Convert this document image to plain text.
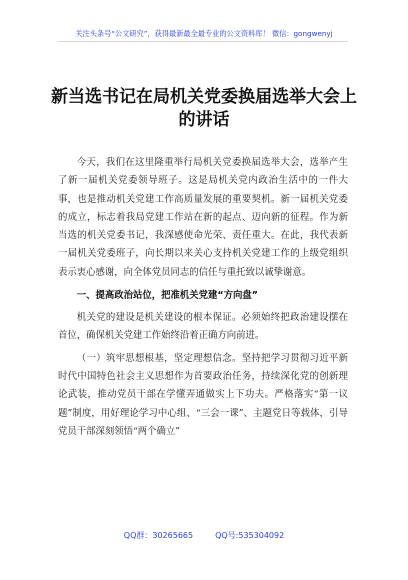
关注头条号“公文研究”，获得最新最全最专业的公文资料库！ 微信：gongwenyj
新当选书记在局机关党委换届选举大会上的讲话

今天，我们在这里隆重举行局机关党委换届选举大会，选举产生了新一届机关党委领导班子。这是局机关党内政治生活中的一件大事，也是推动机关党建工作高质量发展的重要契机。新一届机关党委的成立，标志着我局党建工作站在新的起点、迈向新的征程。作为新当选的机关党委书记，我深感使命光荣、责任重大。在此，我代表新一届机关党委班子，向长期以来关心支持机关党建工作的上级党组织表示衷心感谢，向全体党员同志的信任与重托致以诚挚谢意。

一、提高政治站位，把准机关党建“方向盘”

机关党的建设是机关建设的根本保证。必须始终把政治建设摆在首位，确保机关党建工作始终沿着正确方向前进。

（一）筑牢思想根基，坚定理想信念。坚持把学习贯彻习近平新时代中国特色社会主义思想作为首要政治任务，持续深化党的创新理论武装，推动党员干部在学懂弄通做实上下功夫。严格落实“第一议题”制度，用好理论学习中心组、“三会一课”、主题党日等载体，引导党员干部深刻领悟“两个确立”

QQ群：30265665	QQ号:535304092
